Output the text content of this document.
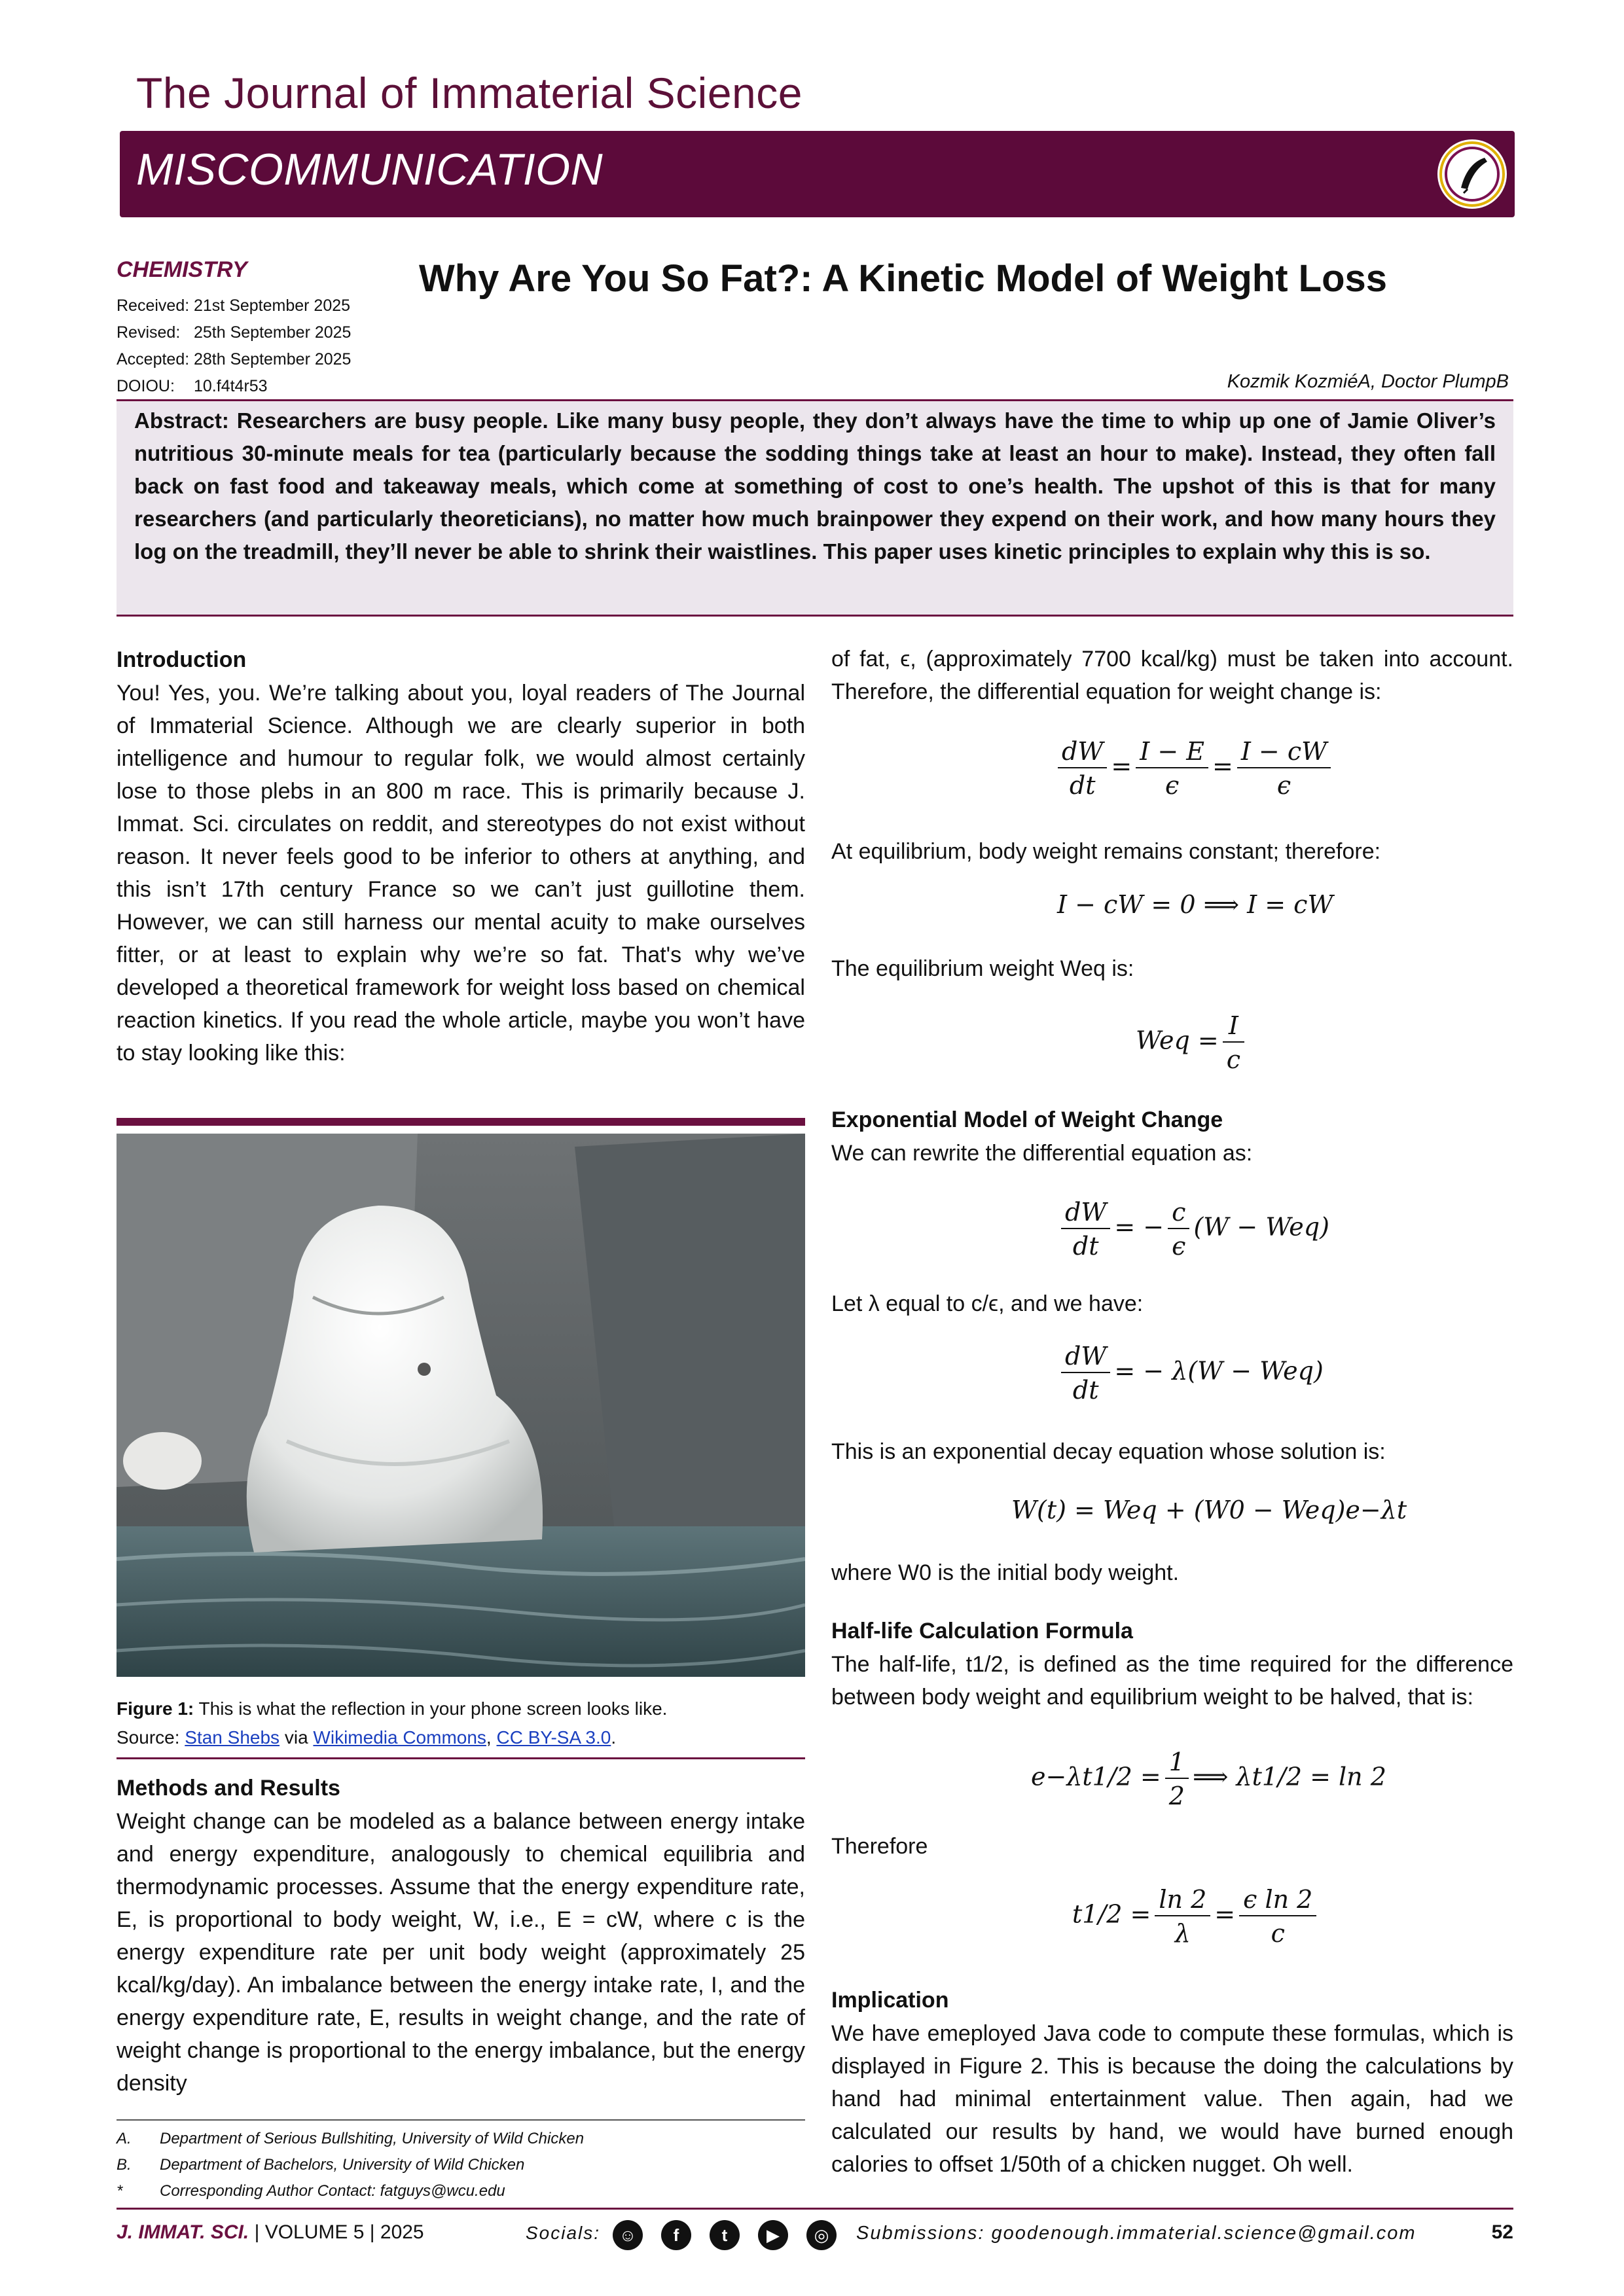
The Journal of Immaterial Science
MISCOMMUNICATION
CHEMISTRY
Received: 21st September 2025
Revised: 25th September 2025
Accepted: 28th September 2025
DOIOU:	10.f4t4r53
Why Are You So Fat?: A Kinetic Model of Weight Loss
Kozmik KozmiéA, Doctor PlumpB
Abstract: Researchers are busy people. Like many busy people, they don’t always have the time to whip up one of Jamie Oliver’s nutritious 30-minute meals for tea (particularly because the sodding things take at least an hour to make). Instead, they often fall back on fast food and takeaway meals, which come at something of cost to one’s health. The upshot of this is that for many researchers (and particularly theoreticians), no matter how much brainpower they expend on their work, and how many hours they log on the treadmill, they’ll never be able to shrink their waistlines. This paper uses kinetic principles to explain why this is so.
Introduction

You! Yes, you. We’re talking about you, loyal readers of The Journal of Immaterial Science. Although we are clearly superior in both intelligence and humour to regular folk, we would almost certainly lose to those plebs in an 800 m race. This is primarily because J. Immat. Sci. circulates on reddit, and stereotypes do not exist without reason. It never feels good to be inferior to others at anything, and this isn’t 17th century France so we can’t just guillotine them. However, we can still harness our mental acuity to make ourselves fitter, or at least to explain why we’re so fat. That's why we’ve developed a theoretical framework for weight loss based on chemical reaction kinetics. If you read the whole article, maybe you won’t have to stay looking like this:

Figure 1: This is what the reflection in your phone screen looks like.
Source: Stan Shebs via Wikimedia Commons, CC BY-SA 3.0.
Methods and Results

Weight change can be modeled as a balance between energy intake and energy expenditure, analogously to chemical equilibria and thermodynamic processes. Assume that the energy expenditure rate, E, is proportional to body weight, W, i.e., E = cW, where c is the energy expenditure rate per unit body weight (approximately 25 kcal/kg/day). An imbalance between the energy intake rate, I, and the energy expenditure rate, E, results in weight change, and the rate of weight change is proportional to the energy imbalance, but the energy density

A.	Department of Serious Bullshiting, University of Wild Chicken
B.	Department of Bachelors, University of Wild Chicken
*	Corresponding Author Contact: fatguys@wcu.edu

of fat, ϵ, (approximately 7700 kcal/kg) must be taken into account. Therefore, the differential equation for weight change is:

$\frac{dW}{dt} = \frac{I - E}{\epsilon} = \frac{I - cW}{\epsilon}$

At equilibrium, body weight remains constant; therefore:

I − cW = 0 ⟹ I = cW

The equilibrium weight Weq is:

Weq = $\frac{I}{c}$
Exponential Model of Weight Change

We can rewrite the differential equation as:

$\frac{dW}{dt}$ = − $\frac{c}{\epsilon} (W - Weq)$

Let λ equal to c/ϵ, and we have:

$\frac{dW}{dt}$ = − λ(W − Weq)

This is an exponential decay equation whose solution is:

W(t) = Weq + (W0 − Weq)e−λt

where W0 is the initial body weight.

Half-life Calculation Formula

The half-life, t1/2, is defined as the time required for the difference between body weight and equilibrium weight to be halved, that is:

$e-\lambda t1/2 = \frac{1}{2}$ ⟹ λt1/2 = ln 2

Therefore

$t1/2 = \frac{\ln 2}{\lambda} = \frac{\text{ϵ ln 2}}{c}$
Implication

We have emeployed Java code to compute these formulas, which is displayed in Figure 2. This is because the doing the calculations by hand had minimal entertainment value. Then again, had we calculated our results by hand, we would have burned enough calories to offset 1/50th of a chicken nugget. Oh well.

J. IMMAT. SCI. | VOLUME 5 | 2025	Socials:	☺	f	t	▶	◎	Submissions: goodenough.immaterial.science@gmail.com	52
